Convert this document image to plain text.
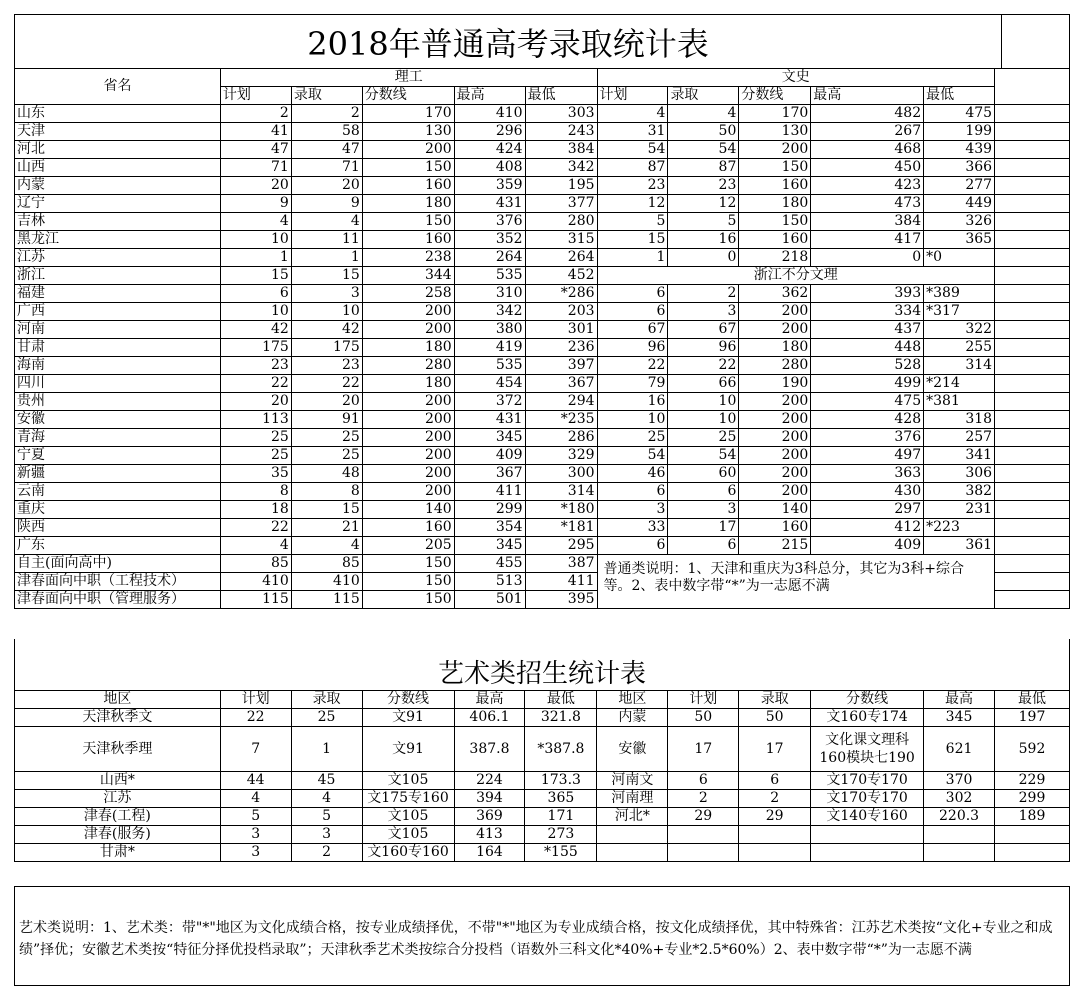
2018年普通高考录取统计表
省名	理工					文史					
	计划	录取	分数线	最高	最低	计划	录取	分数线	最高	最低	
山东	2	2	170	410	303	4	4	170	482	475	
天津	41	58	130	296	243	31	50	130	267	199	
河北	47	47	200	424	384	54	54	200	468	439	
山西	71	71	150	408	342	87	87	150	450	366	
内蒙	20	20	160	359	195	23	23	160	423	277	
辽宁	9	9	180	431	377	12	12	180	473	449	
吉林	4	4	150	376	280	5	5	150	384	326	
黑龙江	10	11	160	352	315	15	16	160	417	365	
江苏	1	1	238	264	264	1	0	218	0	*0	
浙江	15	15	344	535	452	浙江不分文理					
福建	6	3	258	310	*286	6	2	362	393	*389	
广西	10	10	200	342	203	6	3	200	334	*317	
河南	42	42	200	380	301	67	67	200	437	322	
甘肃	175	175	180	419	236	96	96	180	448	255	
海南	23	23	280	535	397	22	22	280	528	314	
四川	22	22	180	454	367	79	66	190	499	*214	
贵州	20	20	200	372	294	16	10	200	475	*381	
安徽	113	91	200	431	*235	10	10	200	428	318	
青海	25	25	200	345	286	25	25	200	376	257	
宁夏	25	25	200	409	329	54	54	200	497	341	
新疆	35	48	200	367	300	46	60	200	363	306	
云南	8	8	200	411	314	6	6	200	430	382	
重庆	18	15	140	299	*180	3	3	140	297	231	
陕西	22	21	160	354	*181	33	17	160	412	*223	
广东	4	4	205	345	295	6	6	215	409	361	
自主(面向高中)	85	85	150	455	387	普通类说明：1、天津和重庆为3科总分，其它为3科+综合等。2、表中数字带“*”为一志愿不满					
津春面向中职（工程技术）	410	410	150	513	411						
津春面向中职（管理服务）	115	115	150	501	395						
艺术类招生统计表
地区	计划	录取	分数线	最高	最低	地区	计划	录取	分数线	最高	最低
天津秋季文	22	25	文91	406.1	321.8	内蒙	50	50	文160专174	345	197
天津秋季理	7	1	文91	387.8	*387.8	安徽	17	17	文化课文理科160模块七190	621	592
山西*	44	45	文105	224	173.3	河南文	6	6	文170专170	370	229
江苏	4	4	文175专160	394	365	河南理	2	2	文170专170	302	299
津春(工程)	5	5	文105	369	171	河北*	29	29	文140专160	220.3	189
津春(服务)	3	3	文105	413	273						
甘肃*	3	2	文160专160	164	*155						
艺术类说明：1、艺术类：带"*"地区为文化成绩合格，按专业成绩择优，不带"*"地区为专业成绩合格，按文化成绩择优，其中特殊省：江苏艺术类按“文化+专业之和成绩”择优；安徽艺术类按“特征分择优投档录取”；天津秋季艺术类按综合分投档（语数外三科文化*40%+专业*2.5*60%）2、表中数字带“*”为一志愿不满
